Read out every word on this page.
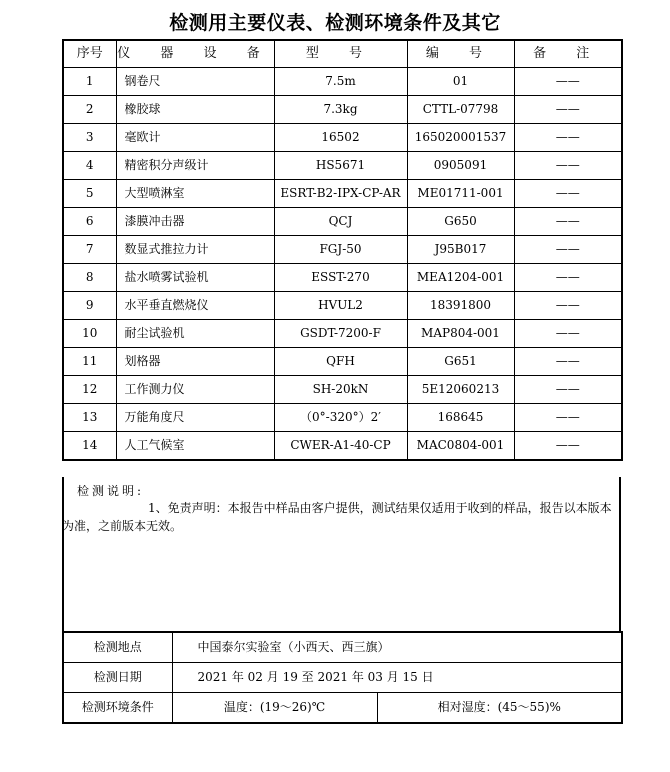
检测用主要仪表、检测环境条件及其它
序号	仪 器 设 备	型 号	编 号	备 注
1	钢卷尺	7.5m	01	——
2	橡胶球	7.3kg	CTTL-07798	——
3	毫欧计	16502	165020001537	——
4	精密积分声级计	HS5671	0905091	——
5	大型喷淋室	ESRT-B2-IPX-CP-AR	ME01711-001	——
6	漆膜冲击器	QCJ	G650	——
7	数显式推拉力计	FGJ-50	J95B017	——
8	盐水喷雾试验机	ESST-270	MEA1204-001	——
9	水平垂直燃烧仪	HVUL2	18391800	——
10	耐尘试验机	GSDT-7200-F	MAP804-001	——
11	划格器	QFH	G651	——
12	工作测力仪	SH-20kN	5E12060213	——
13	万能角度尺	（0°-320°）2′	168645	——
14	人工气候室	CWER-A1-40-CP	MAC0804-001	——
检测说明:
1、免责声明：本报告中样品由客户提供，测试结果仅适用于收到的样品，报告以本版本为准，之前版本无效。
检测地点	中国泰尔实验室（小西天、西三旗）	
检测日期	2021 年 02 月 19 至 2021 年 03 月 15 日	
检测环境条件	温度：(19～26)℃	相对湿度：(45～55)%
